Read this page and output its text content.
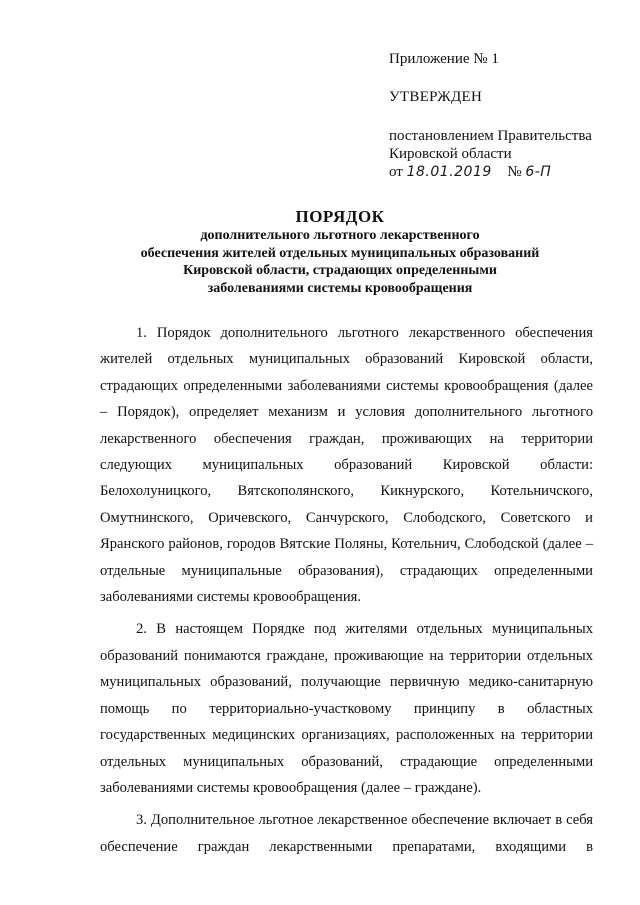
Приложение № 1
УТВЕРЖДЕН
постановлением Правительства
Кировской области
от 18.01.2019 № 6-П
ПОРЯДОК
дополнительного льготного лекарственного
обеспечения жителей отдельных муниципальных образований
Кировской области, страдающих определенными
заболеваниями системы кровообращения

1. Порядок дополнительного льготного лекарственного обеспечения жителей отдельных муниципальных образований Кировской области, страдающих определенными заболеваниями системы кровообращения (далее – Порядок), определяет механизм и условия дополнительного льготного лекарственного обеспечения граждан, проживающих на территории следующих муниципальных образований Кировской области: Белохолуницкого, Вятскополянского, Кикнурского, Котельничского, Омутнинского, Оричевского, Санчурского, Слободского, Советского и Яранского районов, городов Вятские Поляны, Котельнич, Слободской (далее – отдельные муниципальные образования), страдающих определенными заболеваниями системы кровообращения.

2. В настоящем Порядке под жителями отдельных муниципальных образований понимаются граждане, проживающие на территории отдельных муниципальных образований, получающие первичную медико-санитарную помощь по территориально-участковому принципу в областных государственных медицинских организациях, расположенных на территории отдельных муниципальных образований, страдающие определенными заболеваниями системы кровообращения (далее – граждане).

3. Дополнительное льготное лекарственное обеспечение включает в себя обеспечение граждан лекарственными препаратами, входящими в
